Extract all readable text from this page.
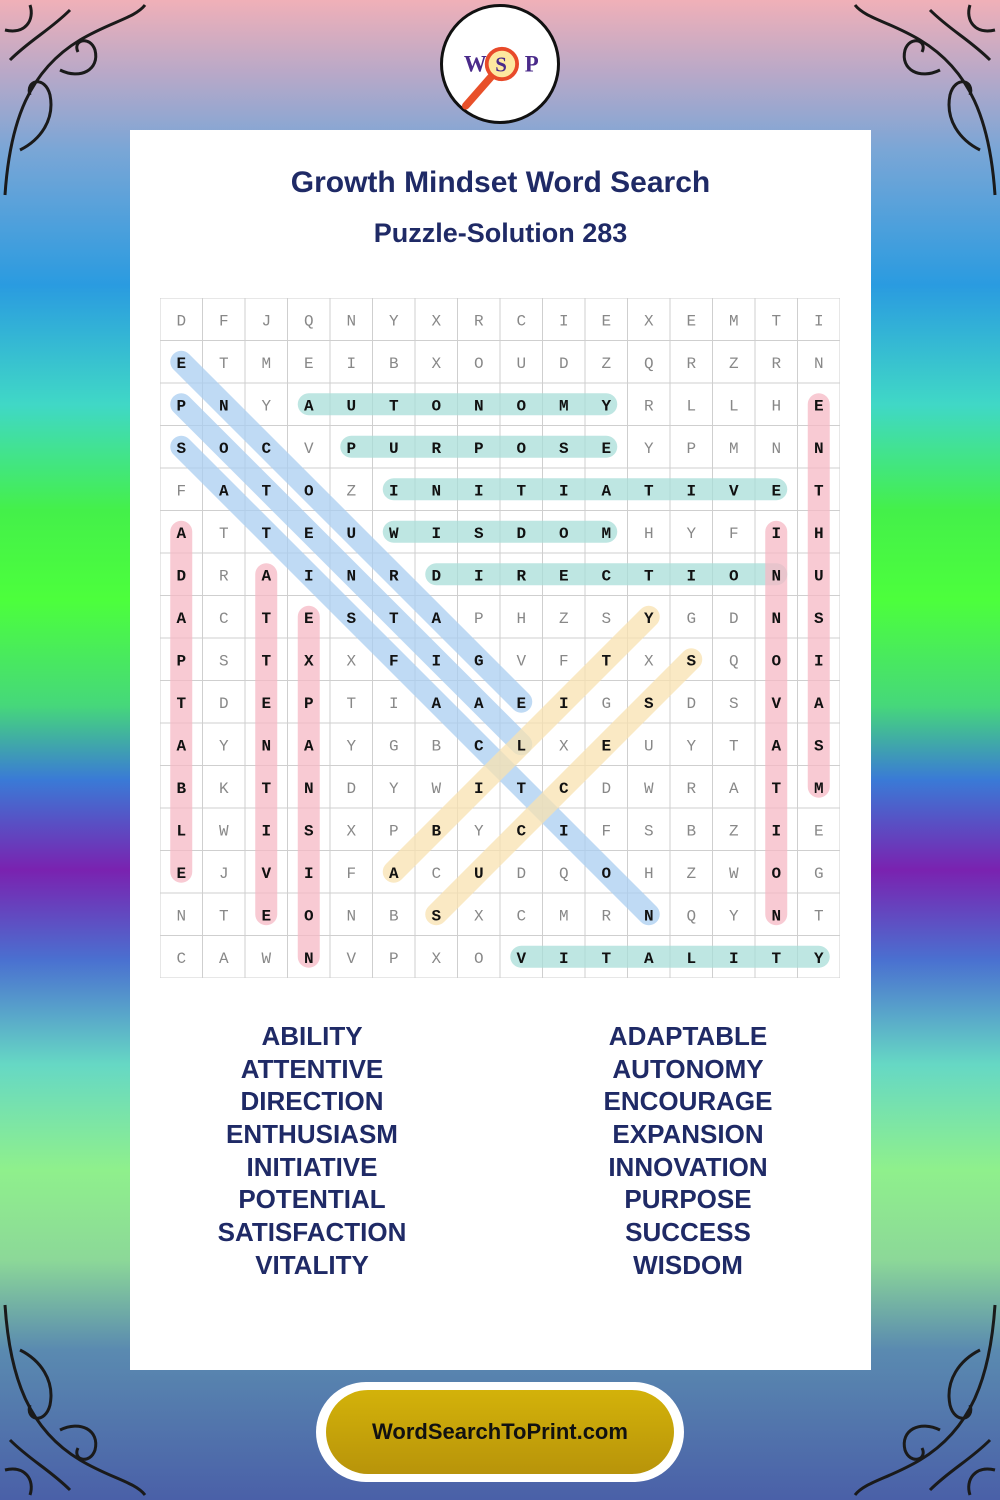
W S P
Growth Mindset Word Search
Puzzle-Solution 283
D F J Q N Y X R C I E X E M T I
E T M E I B X O U D Z Q R Z R N
P N Y A U T O N O M Y R L L H E
S O C V P U R P O S E Y P M N N
F A T O Z I N I T I A T I V E T
A T T E U W I S D O M H Y F I H
D R A I N R D I R E C T I O N U
A C T E S T A P H Z S Y G D N S
P S T X X F I G V F T X S Q O I
T D E P T I A A E I G S D S V A
A Y N A Y G B C L X E U Y T A S
B K T N D Y W I T C D W R A T M
L W I S X P B Y C I F S B Z I E
E J V I F A C U D Q O H Z W O G
N T E O N B S X C M R N Q Y N T
C A W N V P X O V I T A L I T Y
ABILITY
ATTENTIVE
DIRECTION
ENTHUSIASM
INITIATIVE
POTENTIAL
SATISFACTION
VITALITY
ADAPTABLE
AUTONOMY
ENCOURAGE
EXPANSION
INNOVATION
PURPOSE
SUCCESS
WISDOM
WordSearchToPrint.com
